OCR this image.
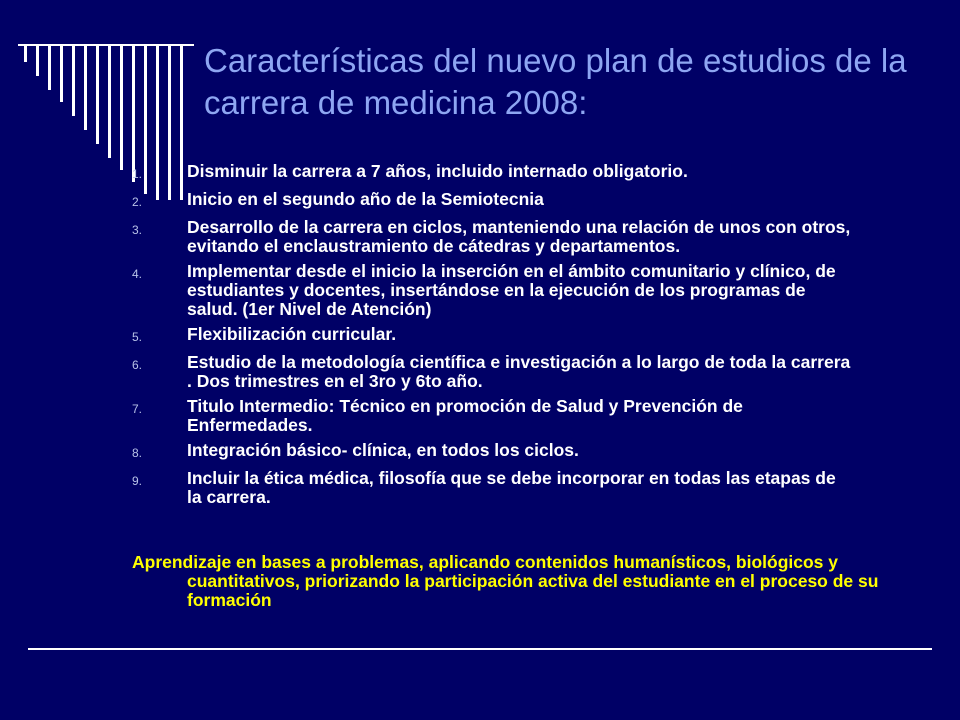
Características del nuevo plan de estudios de la carrera de medicina 2008:
1.	Disminuir la carrera a 7 años, incluido internado obligatorio.
2.	Inicio en el segundo año de la Semiotecnia
3.	Desarrollo de la carrera en ciclos, manteniendo una relación de unos con otros, evitando el enclaustramiento de cátedras y departamentos.
4.	Implementar desde el inicio la inserción en el ámbito comunitario y clínico, de estudiantes y docentes, insertándose en la ejecución de los programas de salud. (1er Nivel de Atención)
5.	Flexibilización curricular.
6.	Estudio de la metodología científica e investigación a lo largo de toda la carrera . Dos trimestres en el 3ro y 6to año.
7.	Titulo Intermedio: Técnico en promoción de Salud y Prevención de Enfermedades.
8.	Integración básico- clínica, en todos los ciclos.
9.	Incluir la ética médica, filosofía que se debe incorporar en todas las etapas de la carrera.
Aprendizaje en bases a problemas, aplicando contenidos humanísticos, biológicos y cuantitativos, priorizando la participación activa del estudiante en el proceso de su formación
